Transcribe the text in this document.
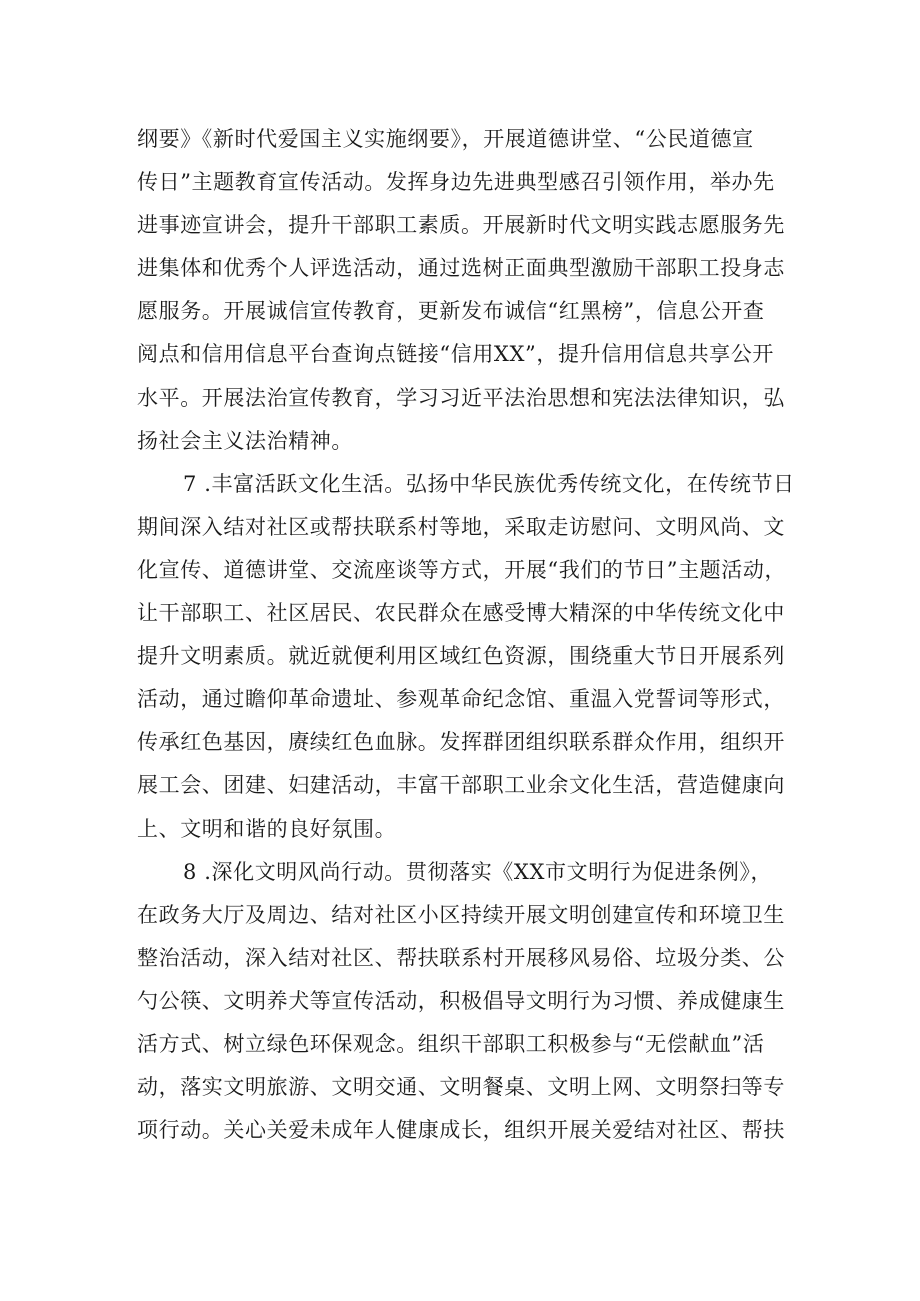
纲要》《新时代爱国主义实施纲要》，开展道德讲堂、“公民道德宣
传日”主题教育宣传活动。发挥身边先进典型感召引领作用，举办先
进事迹宣讲会，提升干部职工素质。开展新时代文明实践志愿服务先
进集体和优秀个人评选活动，通过选树正面典型激励干部职工投身志
愿服务。开展诚信宣传教育，更新发布诚信“红黑榜”，信息公开查
阅点和信用信息平台查询点链接“信用XX”，提升信用信息共享公开
水平。开展法治宣传教育，学习习近平法治思想和宪法法律知识，弘
扬社会主义法治精神。
7 .丰富活跃文化生活。弘扬中华民族优秀传统文化，在传统节日
期间深入结对社区或帮扶联系村等地，采取走访慰问、文明风尚、文
化宣传、道德讲堂、交流座谈等方式，开展“我们的节日”主题活动，
让干部职工、社区居民、农民群众在感受博大精深的中华传统文化中
提升文明素质。就近就便利用区域红色资源，围绕重大节日开展系列
活动，通过瞻仰革命遗址、参观革命纪念馆、重温入党誓词等形式，
传承红色基因，赓续红色血脉。发挥群团组织联系群众作用，组织开
展工会、团建、妇建活动，丰富干部职工业余文化生活，营造健康向
上、文明和谐的良好氛围。
8 .深化文明风尚行动。贯彻落实《XX市文明行为促进条例》，
在政务大厅及周边、结对社区小区持续开展文明创建宣传和环境卫生
整治活动，深入结对社区、帮扶联系村开展移风易俗、垃圾分类、公
勺公筷、文明养犬等宣传活动，积极倡导文明行为习惯、养成健康生
活方式、树立绿色环保观念。组织干部职工积极参与“无偿献血”活
动，落实文明旅游、文明交通、文明餐桌、文明上网、文明祭扫等专
项行动。关心关爱未成年人健康成长，组织开展关爱结对社区、帮扶
